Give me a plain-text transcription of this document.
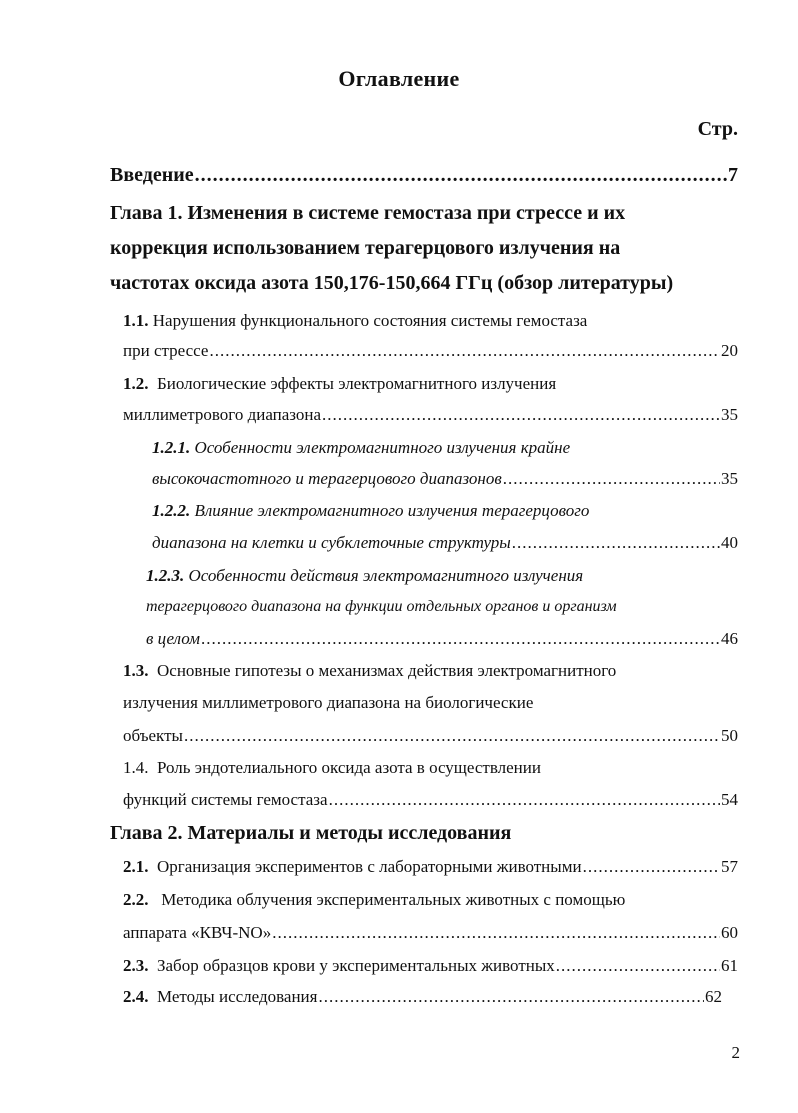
Оглавление
Стр.
Введение .....	7
Глава 1. Изменения в системе гемостаза при стрессе и их
коррекция использованием терагерцового излучения на
частотах оксида азота 150,176-150,664 ГГц (обзор литературы)
1.1.
Нарушения функционального состояния системы гемостаза
при стрессе .....	20
1.2.
Биологические эффекты электромагнитного излучения
миллиметрового диапазона .....	35
1.2.1.
Особенности электромагнитного излучения крайне
высокочастотного и терагерцового диапазонов .....	35
1.2.2.
Влияние электромагнитного излучения терагерцового
диапазона на клетки и субклеточные структуры .....	40
1.2.3.
Особенности действия электромагнитного излучения
терагерцового диапазона на функции отдельных органов и организм
в целом .....	46
1.3.
Основные гипотезы о механизмах действия электромагнитного
излучения миллиметрового диапазона на биологические
объекты .....	50
1.4.
Роль эндотелиального оксида азота в осуществлении
функций системы гемостаза .....	54
Глава 2. Материалы и методы исследования
2.1.
Организация экспериментов с лабораторными животными .....	57
2.2.
Методика облучения экспериментальных животных с помощью
аппарата «КВЧ-NO» .....	60
2.3.
Забор образцов крови у экспериментальных животных .....	61
2.4.
Методы исследования .....	62
2
